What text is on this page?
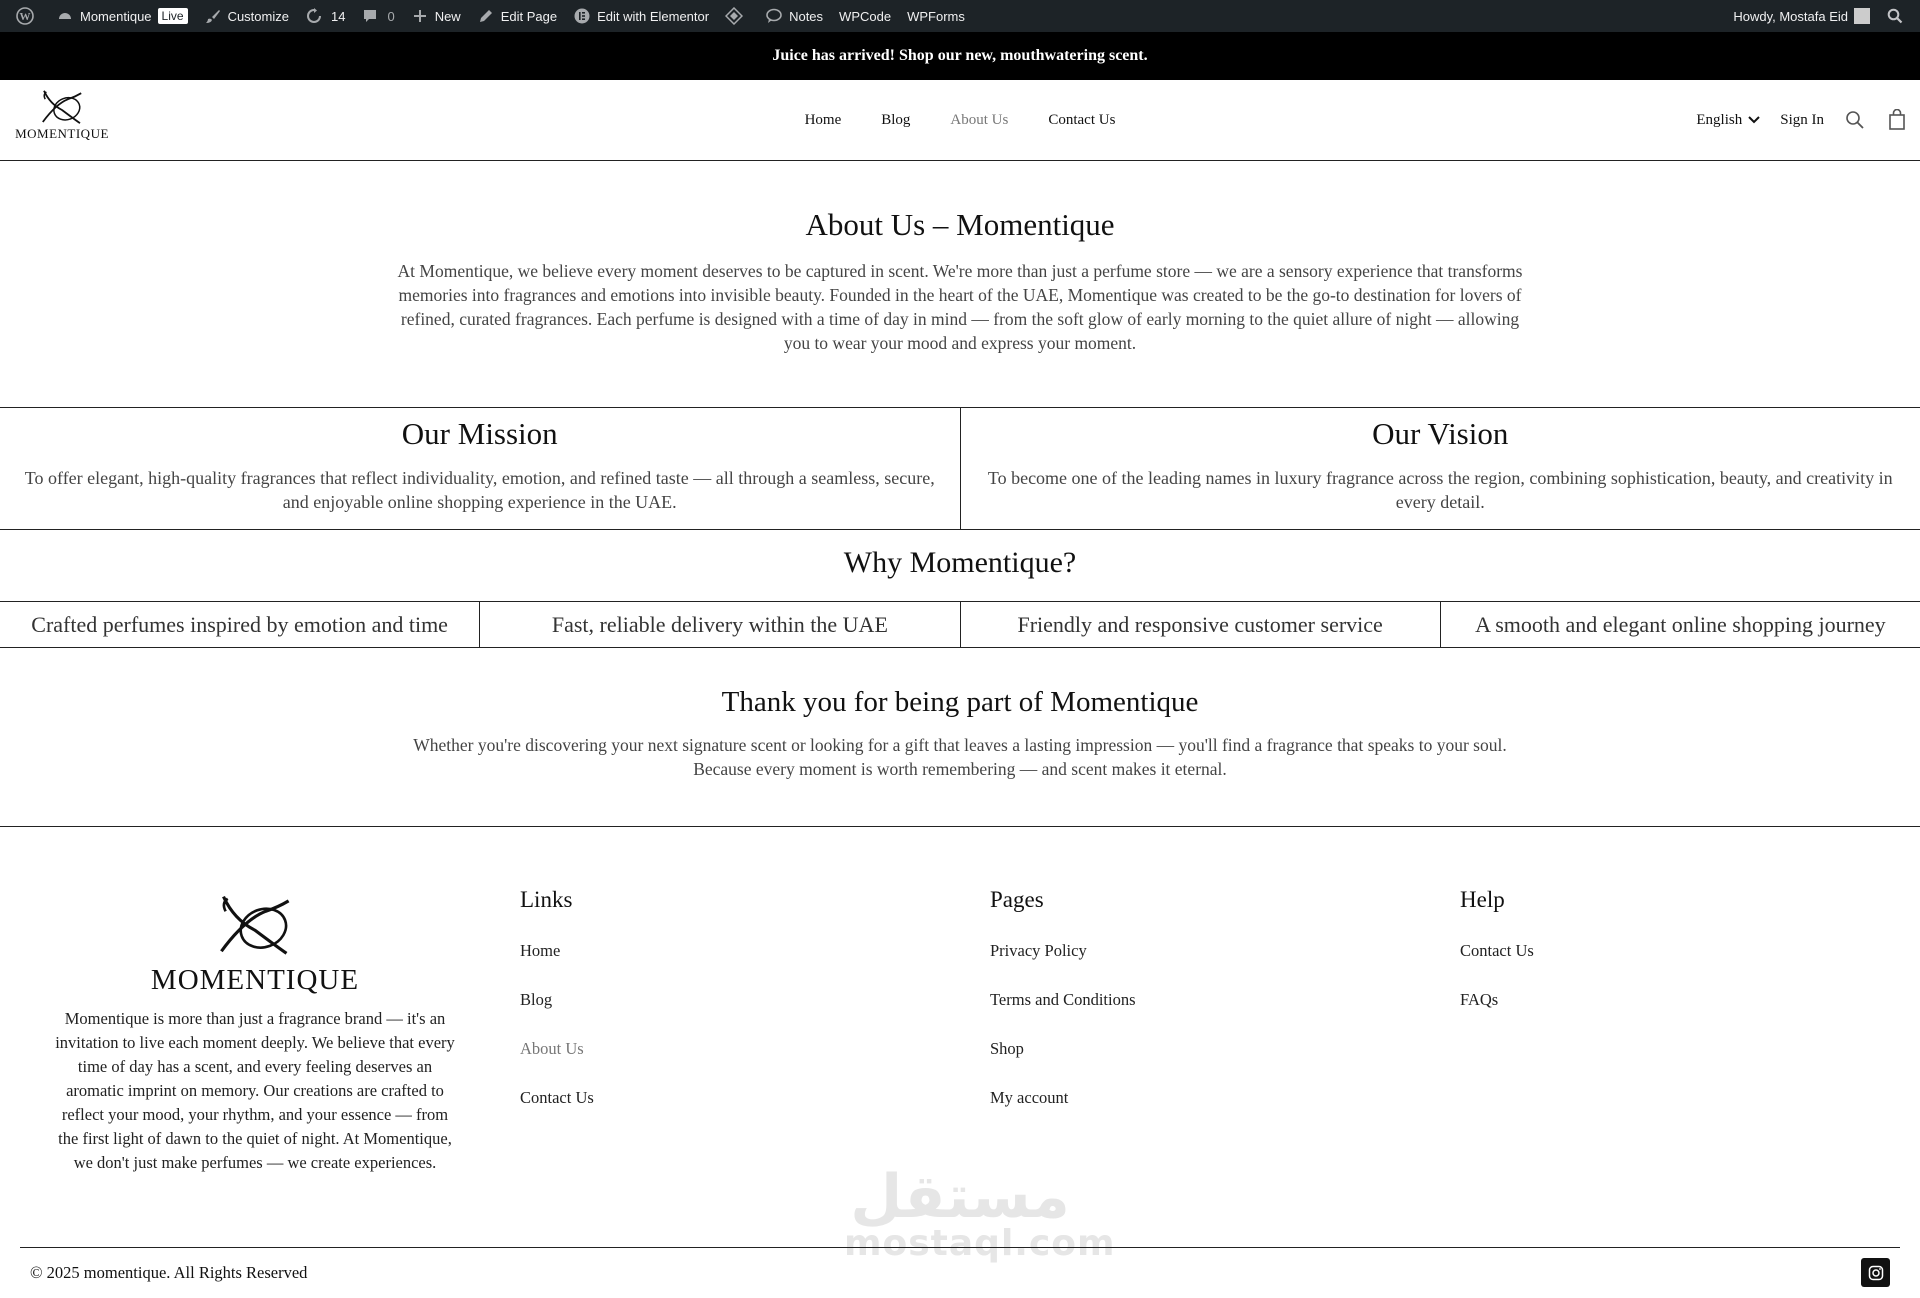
W	Momentique Live	Customize	14	0	New	Edit Page	Edit with Elementor	Notes	WPCode	WPForms	Howdy, Mostafa Eid
Juice has arrived! Shop our new, mouthwatering scent.
MOMENTIQUE
Home	Blog	About Us	Contact Us	English	Sign In
About Us – Momentique

At Momentique, we believe every moment deserves to be captured in scent. We're more than just a perfume store — we are a sensory experience that transforms memories into fragrances and emotions into invisible beauty. Founded in the heart of the UAE, Momentique was created to be the go-to destination for lovers of refined, curated fragrances. Each perfume is designed with a time of day in mind — from the soft glow of early morning to the quiet allure of night — allowing you to wear your mood and express your moment.

Our Mission

To offer elegant, high-quality fragrances that reflect individuality, emotion, and refined taste — all through a seamless, secure, and enjoyable online shopping experience in the UAE.

Our Vision

To become one of the leading names in luxury fragrance across the region, combining sophistication, beauty, and creativity in every detail.

Why Momentique?
Crafted perfumes inspired by emotion and time	Fast, reliable delivery within the UAE	Friendly and responsive customer service	A smooth and elegant online shopping journey
Thank you for being part of Momentique

Whether you're discovering your next signature scent or looking for a gift that leaves a lasting impression — you'll find a fragrance that speaks to your soul. Because every moment is worth remembering — and scent makes it eternal.

MOMENTIQUE

Momentique is more than just a fragrance brand — it's an invitation to live each moment deeply. We believe that every time of day has a scent, and every feeling deserves an aromatic imprint on memory. Our creations are crafted to reflect your mood, your rhythm, and your essence — from the first light of dawn to the quiet of night. At Momentique, we don't just make perfumes — we create experiences.

Links
Home
Blog
About Us
Contact Us
Pages
Privacy Policy
Terms and Conditions
Shop
My account
Help
Contact Us
FAQs
مستقل
mostaql.com
© 2025 momentique. All Rights Reserved
